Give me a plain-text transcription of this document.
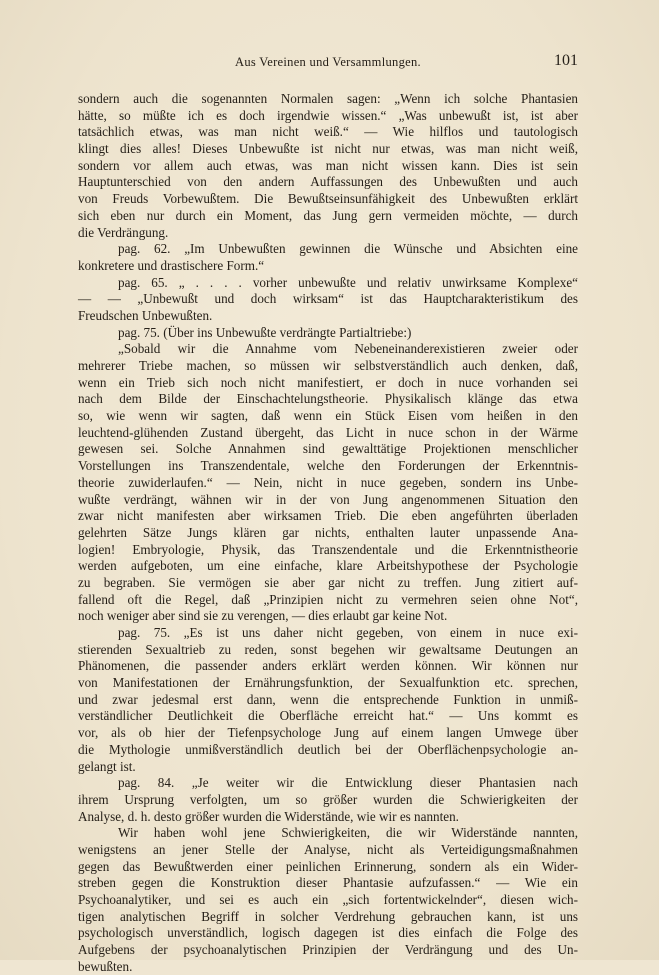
Aus Vereinen und Versammlungen.	101
sondern auch die sogenannten Normalen sagen: „Wenn ich solche Phantasien
hätte, so müßte ich es doch irgendwie wissen.“ „Was unbewußt ist, ist aber
tatsächlich etwas, was man nicht weiß.“ — Wie hilflos und tautologisch
klingt dies alles! Dieses Unbewußte ist nicht nur etwas, was man nicht weiß,
sondern vor allem auch etwas, was man nicht wissen kann. Dies ist sein
Hauptunterschied von den andern Auffassungen des Unbewußten und auch
von Freuds Vorbewußtem. Die Bewußtseinsunfähigkeit des Unbewußten erklärt
sich eben nur durch ein Moment, das Jung gern vermeiden möchte, — durch
die Verdrängung.
pag. 62. „Im Unbewußten gewinnen die Wünsche und Absichten eine
konkretere und drastischere Form.“
pag. 65. „ . . . . vorher unbewußte und relativ unwirksame Komplexe“
— — „Unbewußt und doch wirksam“ ist das Hauptcharakteristikum des
Freudschen Unbewußten.
pag. 75. (Über ins Unbewußte verdrängte Partialtriebe:)
„Sobald wir die Annahme vom Nebeneinanderexistieren zweier oder
mehrerer Triebe machen, so müssen wir selbstverständlich auch denken, daß,
wenn ein Trieb sich noch nicht manifestiert, er doch in nuce vorhanden sei
nach dem Bilde der Einschachtelungstheorie. Physikalisch klänge das etwa
so, wie wenn wir sagten, daß wenn ein Stück Eisen vom heißen in den
leuchtend-glühenden Zustand übergeht, das Licht in nuce schon in der Wärme
gewesen sei. Solche Annahmen sind gewalttätige Projektionen menschlicher
Vorstellungen ins Transzendentale, welche den Forderungen der Erkenntnis-
theorie zuwiderlaufen.“ — Nein, nicht in nuce gegeben, sondern ins Unbe-
wußte verdrängt, wähnen wir in der von Jung angenommenen Situation den
zwar nicht manifesten aber wirksamen Trieb. Die eben angeführten überladen
gelehrten Sätze Jungs klären gar nichts, enthalten lauter unpassende Ana-
logien! Embryologie, Physik, das Transzendentale und die Erkenntnistheorie
werden aufgeboten, um eine einfache, klare Arbeitshypothese der Psychologie
zu begraben. Sie vermögen sie aber gar nicht zu treffen. Jung zitiert auf-
fallend oft die Regel, daß „Prinzipien nicht zu vermehren seien ohne Not“,
noch weniger aber sind sie zu verengen, — dies erlaubt gar keine Not.
pag. 75. „Es ist uns daher nicht gegeben, von einem in nuce exi-
stierenden Sexualtrieb zu reden, sonst begehen wir gewaltsame Deutungen an
Phänomenen, die passender anders erklärt werden können. Wir können nur
von Manifestationen der Ernährungsfunktion, der Sexualfunktion etc. sprechen,
und zwar jedesmal erst dann, wenn die entsprechende Funktion in unmiß-
verständlicher Deutlichkeit die Oberfläche erreicht hat.“ — Uns kommt es
vor, als ob hier der Tiefenpsychologe Jung auf einem langen Umwege über
die Mythologie unmißverständlich deutlich bei der Oberflächenpsychologie an-
gelangt ist.
pag. 84. „Je weiter wir die Entwicklung dieser Phantasien nach
ihrem Ursprung verfolgten, um so größer wurden die Schwierigkeiten der
Analyse, d. h. desto größer wurden die Widerstände, wie wir es nannten.
Wir haben wohl jene Schwierigkeiten, die wir Widerstände nannten,
wenigstens an jener Stelle der Analyse, nicht als Verteidigungsmaßnahmen
gegen das Bewußtwerden einer peinlichen Erinnerung, sondern als ein Wider-
streben gegen die Konstruktion dieser Phantasie aufzufassen.“ — Wie ein
Psychoanalytiker, und sei es auch ein „sich fortentwickelnder“, diesen wich-
tigen analytischen Begriff in solcher Verdrehung gebrauchen kann, ist uns
psychologisch unverständlich, logisch dagegen ist dies einfach die Folge des
Aufgebens der psychoanalytischen Prinzipien der Verdrängung und des Un-
bewußten.
